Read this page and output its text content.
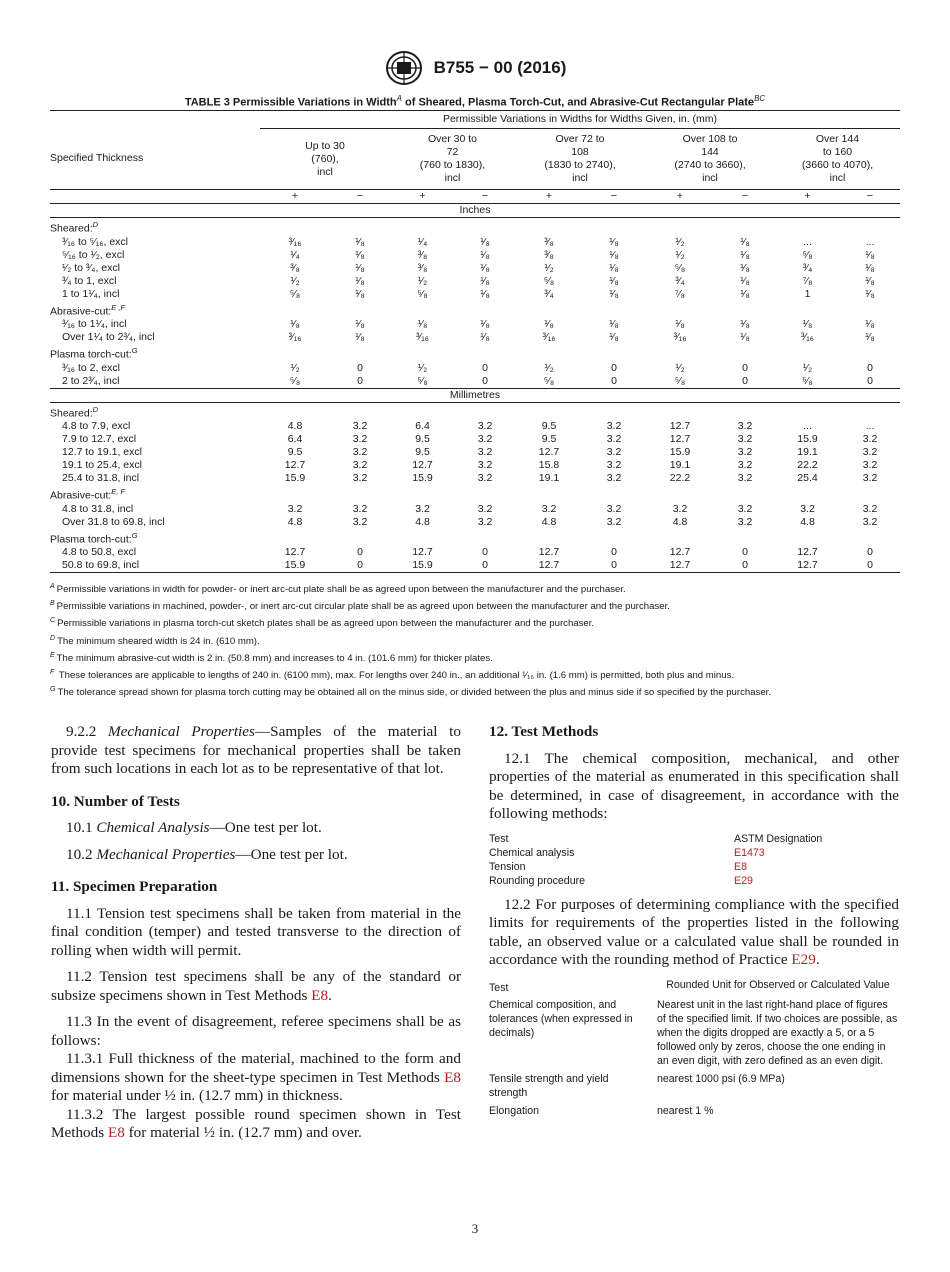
B755 − 00 (2016)
TABLE 3 Permissible Variations in Width$^A$ of Sheared, Plasma Torch-Cut, and Abrasive-Cut Rectangular Plate$^{BC}$
	Permissible Variations in Widths for Widths Given, in. (mm)									
Specified Thickness	Up to 30
(760),
incl		Over 30 to
72
(760 to 1830),
incl		Over 72 to
108
(1830 to 2740),
incl		Over 108 to
144
(2740 to 3660),
incl		Over 144
to 160
(3660 to 4070),
incl	
	+	−	+	−	+	−	+	−	+	−
Inches										
Sheared:$^D$
³⁄₁₆ to ⁵⁄₁₆, excl	³⁄₁₆	¹⁄₈	¹⁄₄	¹⁄₈	³⁄₈	¹⁄₈	¹⁄₂	¹⁄₈	...	...
⁵⁄₁₆ to ¹⁄₂, excl	¹⁄₄	¹⁄₈	³⁄₈	¹⁄₈	³⁄₈	¹⁄₈	¹⁄₂	¹⁄₈	⁵⁄₈	¹⁄₈
¹⁄₂ to ³⁄₄, excl	³⁄₈	¹⁄₈	³⁄₈	¹⁄₈	¹⁄₂	¹⁄₈	⁵⁄₈	¹⁄₈	³⁄₄	¹⁄₈
³⁄₄ to 1, excl	¹⁄₂	¹⁄₈	¹⁄₂	¹⁄₈	⁵⁄₈	¹⁄₈	³⁄₄	¹⁄₈	⁷⁄₈	¹⁄₈
1 to 1¹⁄₄, incl	⁵⁄₈	¹⁄₈	⁵⁄₈	¹⁄₈	³⁄₄	¹⁄₈	⁷⁄₈	¹⁄₈	1	¹⁄₈
Abrasive-cut:$^{E ,F}$
³⁄₁₆ to 1¹⁄₄, incl	¹⁄₈	¹⁄₈	¹⁄₈	¹⁄₈	¹⁄₈	¹⁄₈	¹⁄₈	¹⁄₈	¹⁄₈	¹⁄₈
Over 1¹⁄₄ to 2³⁄₄, incl	³⁄₁₆	¹⁄₈	³⁄₁₆	¹⁄₈	³⁄₁₆	¹⁄₈	³⁄₁₆	¹⁄₈	³⁄₁₆	¹⁄₈
Plasma torch-cut:$^G$
³⁄₁₆ to 2, excl	¹⁄₂	0	¹⁄₂	0	¹⁄₂	0	¹⁄₂	0	¹⁄₂	0
2 to 2³⁄₄, incl	⁵⁄₈	0	⁵⁄₈	0	⁵⁄₈	0	⁵⁄₈	0	⁵⁄₈	0
Millimetres										
Sheared:$^D$
4.8 to 7.9, excl	4.8	3.2	6.4	3.2	9.5	3.2	12.7	3.2	...	...
7.9 to 12.7, excl	6.4	3.2	9.5	3.2	9.5	3.2	12.7	3.2	15.9	3.2
12.7 to 19.1, excl	9.5	3.2	9.5	3.2	12.7	3.2	15.9	3.2	19.1	3.2
19.1 to 25.4, excl	12.7	3.2	12.7	3.2	15.8	3.2	19.1	3.2	22.2	3.2
25.4 to 31.8, incl	15.9	3.2	15.9	3.2	19.1	3.2	22.2	3.2	25.4	3.2
Abrasive-cut:$^{E, F}$
4.8 to 31.8, incl	3.2	3.2	3.2	3.2	3.2	3.2	3.2	3.2	3.2	3.2
Over 31.8 to 69.8, incl	4.8	3.2	4.8	3.2	4.8	3.2	4.8	3.2	4.8	3.2
Plasma torch-cut:$^G$
4.8 to 50.8, excl	12.7	0	12.7	0	12.7	0	12.7	0	12.7	0
50.8 to 69.8, incl	15.9	0	15.9	0	12.7	0	12.7	0	12.7	0
$^A$ Permissible variations in width for powder- or inert arc-cut plate shall be as agreed upon between the manufacturer and the purchaser.
$^B$ Permissible variations in machined, powder-, or inert arc-cut circular plate shall be as agreed upon between the manufacturer and the purchaser.
$^C$ Permissible variations in plasma torch-cut sketch plates shall be as agreed upon between the manufacturer and the purchaser.
$^D$ The minimum sheared width is 24 in. (610 mm).
$^E$ The minimum abrasive-cut width is 2 in. (50.8 mm) and increases to 4 in. (101.6 mm) for thicker plates.
$^F$ These tolerances are applicable to lengths of 240 in. (6100 mm), max. For lengths over 240 in., an additional ¹⁄₁₆ in. (1.6 mm) is permitted, both plus and minus.
$^G$ The tolerance spread shown for plasma torch cutting may be obtained all on the minus side, or divided between the plus and minus side if so specified by the purchaser.

9.2.2 Mechanical Properties—Samples of the material to provide test specimens for mechanical properties shall be taken from such locations in each lot as to be representative of that lot.

10. Number of Tests

10.1 Chemical Analysis—One test per lot.

10.2 Mechanical Properties—One test per lot.

11. Specimen Preparation

11.1 Tension test specimens shall be taken from material in the final condition (temper) and tested transverse to the direction of rolling when width will permit.

11.2 Tension test specimens shall be any of the standard or subsize specimens shown in Test Methods E8.

11.3 In the event of disagreement, referee specimens shall be as follows:

11.3.1 Full thickness of the material, machined to the form and dimensions shown for the sheet-type specimen in Test Methods E8 for material under ½ in. (12.7 mm) in thickness.

11.3.2 The largest possible round specimen shown in Test Methods E8 for material ½ in. (12.7 mm) and over.

12. Test Methods

12.1 The chemical composition, mechanical, and other properties of the material as enumerated in this specification shall be determined, in case of disagreement, in accordance with the following methods:

Test	ASTM Designation
Chemical analysis	E1473
Tension	E8
Rounding procedure	E29

12.2 For purposes of determining compliance with the specified limits for requirements of the properties listed in the following table, an observed value or a calculated value shall be rounded in accordance with the rounding method of Practice E29.

Test	Rounded Unit for Observed or Calculated Value
Chemical composition, and tolerances (when expressed in decimals)	Nearest unit in the last right-hand place of figures of the specified limit. If two choices are possible, as when the digits dropped are exactly a 5, or a 5 followed only by zeros, choose the one ending in an even digit, with zero defined as an even digit.
Tensile strength and yield strength	nearest 1000 psi (6.9 MPa)
Elongation	nearest 1 %
3
